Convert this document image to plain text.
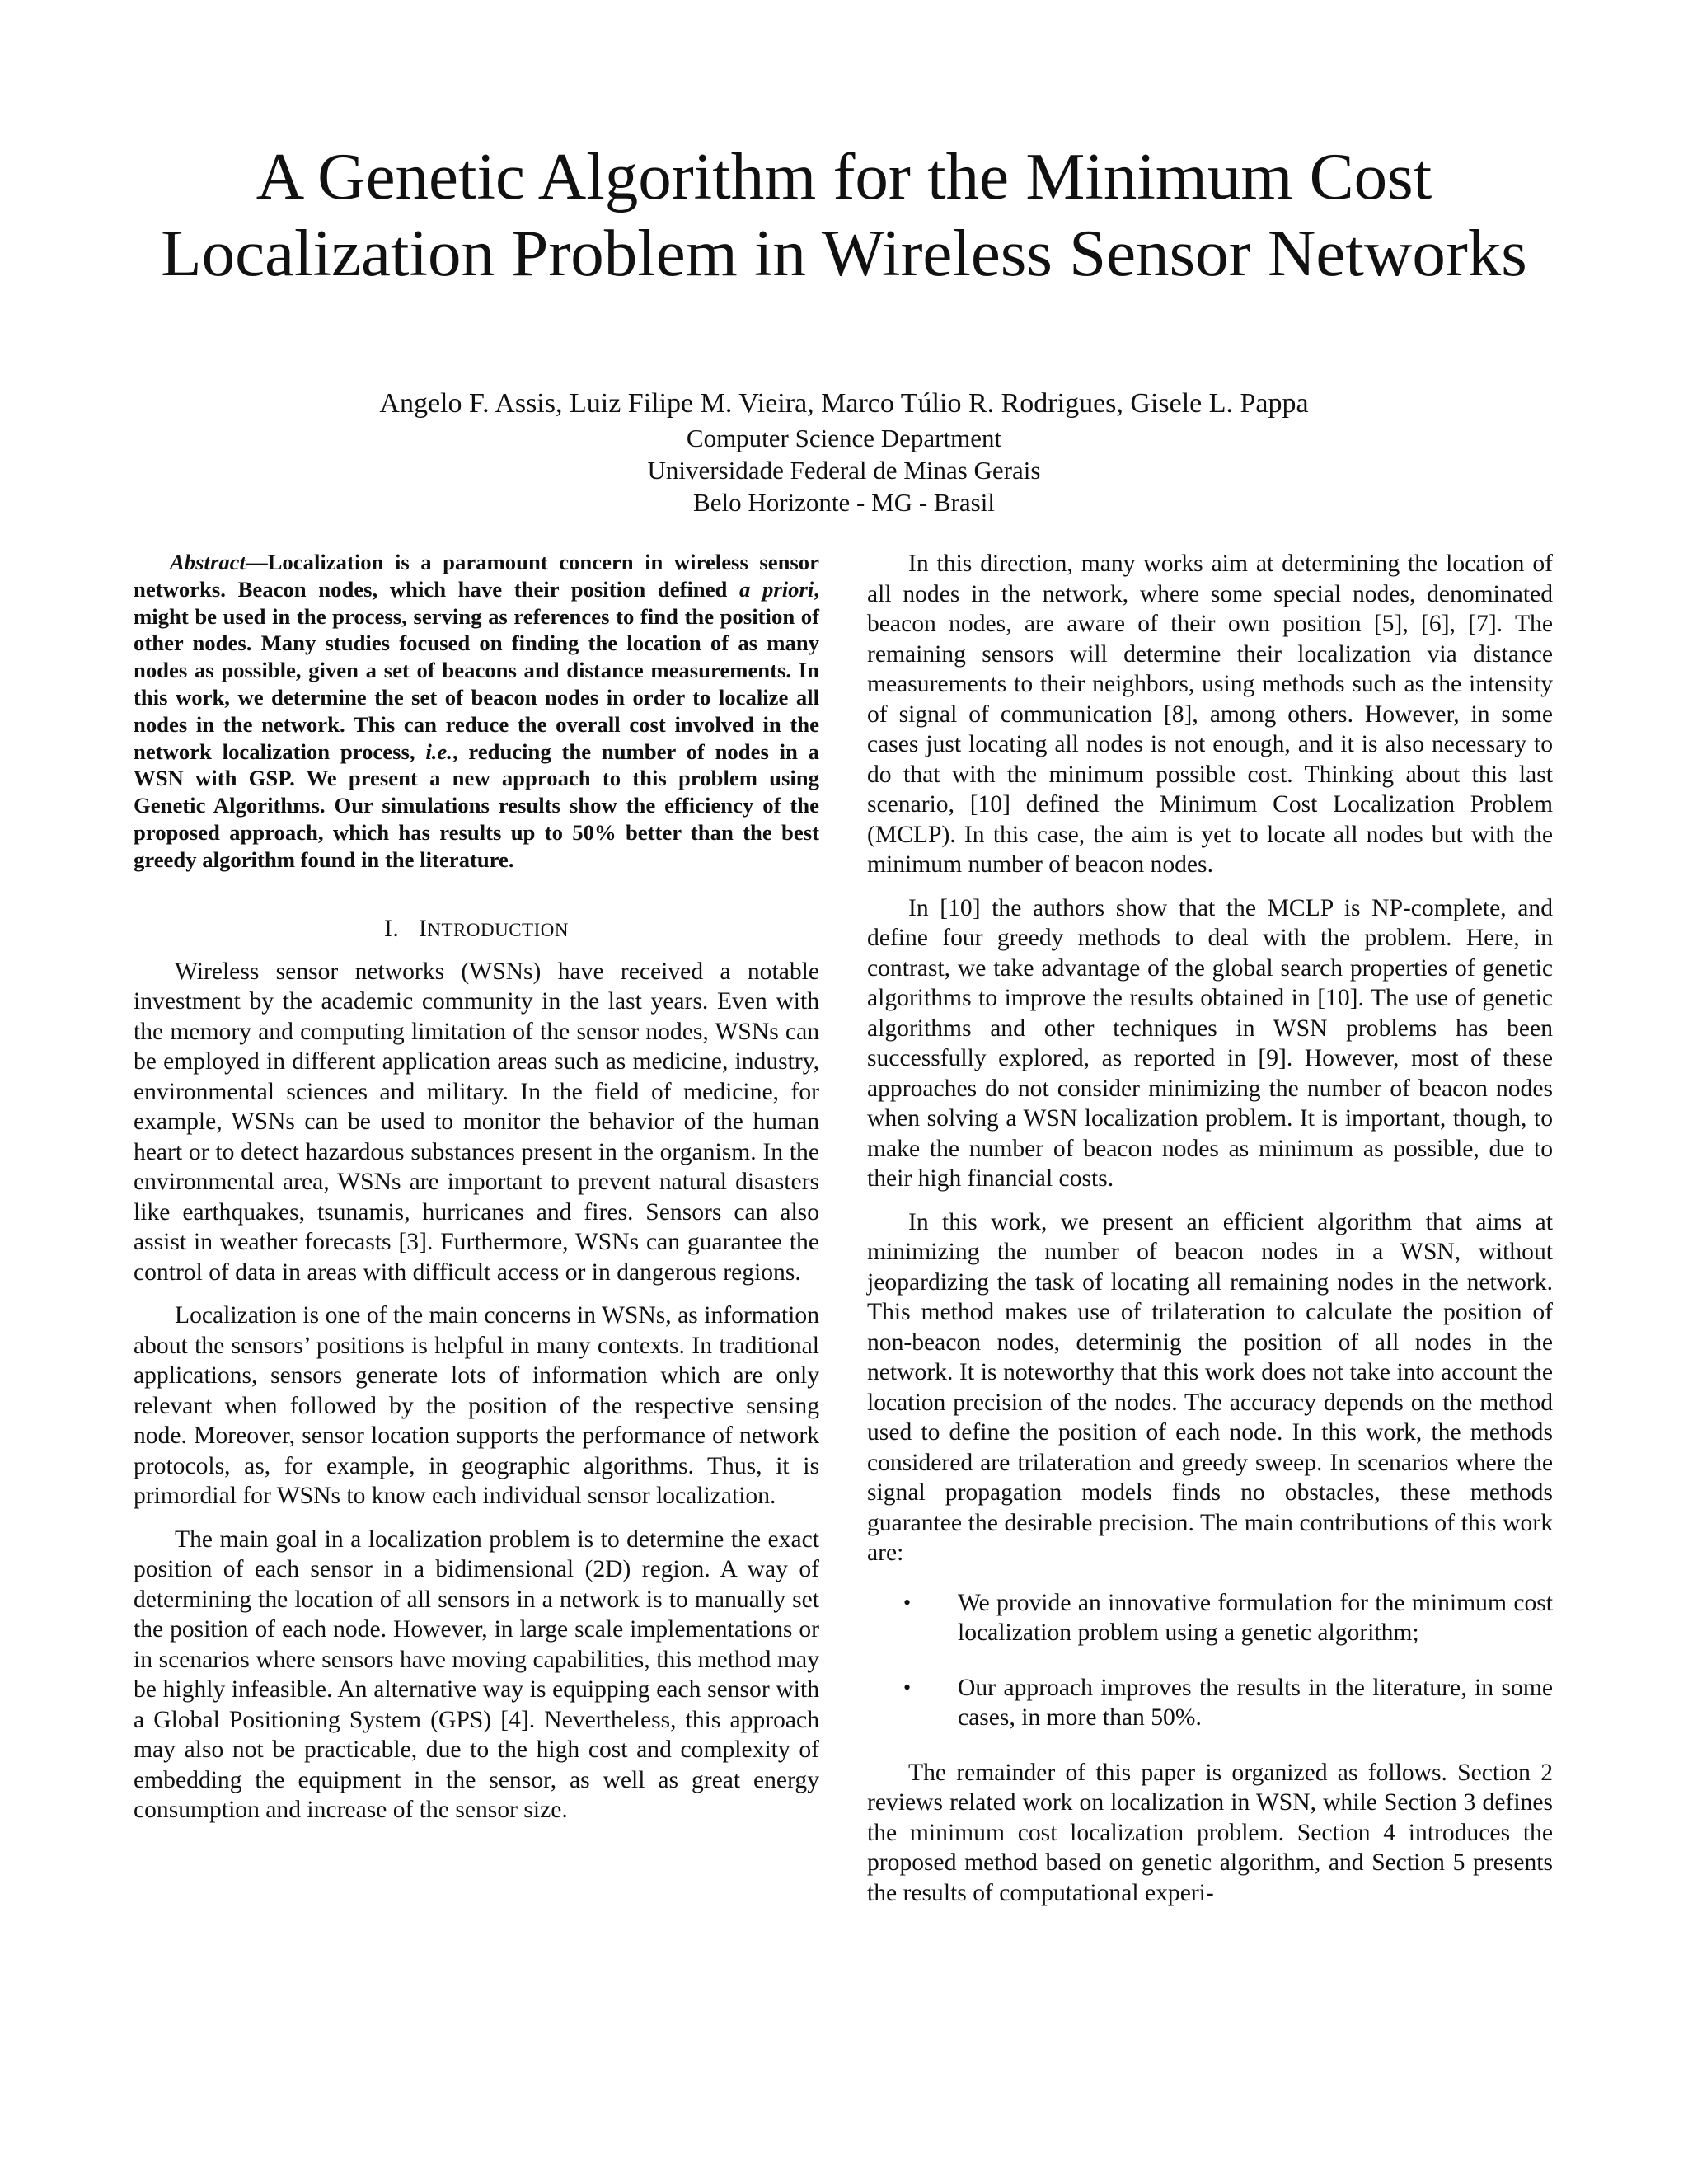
A Genetic Algorithm for the Minimum Cost
Localization Problem in Wireless Sensor Networks
Angelo F. Assis, Luiz Filipe M. Vieira, Marco Túlio R. Rodrigues, Gisele L. Pappa
Computer Science Department
Universidade Federal de Minas Gerais
Belo Horizonte - MG - Brasil

Abstract—Localization is a paramount concern in wireless sensor networks. Beacon nodes, which have their position defined a priori, might be used in the process, serving as references to find the position of other nodes. Many studies focused on finding the location of as many nodes as possible, given a set of beacons and distance measurements. In this work, we determine the set of beacon nodes in order to localize all nodes in the network. This can reduce the overall cost involved in the network localization process, i.e., reducing the number of nodes in a WSN with GSP. We present a new approach to this problem using Genetic Algorithms. Our simulations results show the efficiency of the proposed approach, which has results up to 50% better than the best greedy algorithm found in the literature.

I. INTRODUCTION

Wireless sensor networks (WSNs) have received a notable investment by the academic community in the last years. Even with the memory and computing limitation of the sensor nodes, WSNs can be employed in different application areas such as medicine, industry, environmental sciences and military. In the field of medicine, for example, WSNs can be used to monitor the behavior of the human heart or to detect hazardous substances present in the organism. In the environmental area, WSNs are important to prevent natural disasters like earthquakes, tsunamis, hurricanes and fires. Sensors can also assist in weather forecasts [3]. Furthermore, WSNs can guarantee the control of data in areas with difficult access or in dangerous regions.

Localization is one of the main concerns in WSNs, as information about the sensors’ positions is helpful in many contexts. In traditional applications, sensors generate lots of information which are only relevant when followed by the position of the respective sensing node. Moreover, sensor location supports the performance of network protocols, as, for example, in geographic algorithms. Thus, it is primordial for WSNs to know each individual sensor localization.

The main goal in a localization problem is to determine the exact position of each sensor in a bidimensional (2D) region. A way of determining the location of all sensors in a network is to manually set the position of each node. However, in large scale implementations or in scenarios where sensors have moving capabilities, this method may be highly infeasible. An alternative way is equipping each sensor with a Global Positioning System (GPS) [4]. Nevertheless, this approach may also not be practicable, due to the high cost and complexity of embedding the equipment in the sensor, as well as great energy consumption and increase of the sensor size.

In this direction, many works aim at determining the location of all nodes in the network, where some special nodes, denominated beacon nodes, are aware of their own position [5], [6], [7]. The remaining sensors will determine their localization via distance measurements to their neighbors, using methods such as the intensity of signal of communication [8], among others. However, in some cases just locating all nodes is not enough, and it is also necessary to do that with the minimum possible cost. Thinking about this last scenario, [10] defined the Minimum Cost Localization Problem (MCLP). In this case, the aim is yet to locate all nodes but with the minimum number of beacon nodes.

In [10] the authors show that the MCLP is NP-complete, and define four greedy methods to deal with the problem. Here, in contrast, we take advantage of the global search properties of genetic algorithms to improve the results obtained in [10]. The use of genetic algorithms and other techniques in WSN problems has been successfully explored, as reported in [9]. However, most of these approaches do not consider minimizing the number of beacon nodes when solving a WSN localization problem. It is important, though, to make the number of beacon nodes as minimum as possible, due to their high financial costs.

In this work, we present an efficient algorithm that aims at minimizing the number of beacon nodes in a WSN, without jeopardizing the task of locating all remaining nodes in the network. This method makes use of trilateration to calculate the position of non-beacon nodes, determinig the position of all nodes in the network. It is noteworthy that this work does not take into account the location precision of the nodes. The accuracy depends on the method used to define the position of each node. In this work, the methods considered are trilateration and greedy sweep. In scenarios where the signal propagation models finds no obstacles, these methods guarantee the desirable precision. The main contributions of this work are:

• We provide an innovative formulation for the minimum cost localization problem using a genetic algorithm;
• Our approach improves the results in the literature, in some cases, in more than 50%.

The remainder of this paper is organized as follows. Section 2 reviews related work on localization in WSN, while Section 3 defines the minimum cost localization problem. Section 4 introduces the proposed method based on genetic algorithm, and Section 5 presents the results of computational experi-
